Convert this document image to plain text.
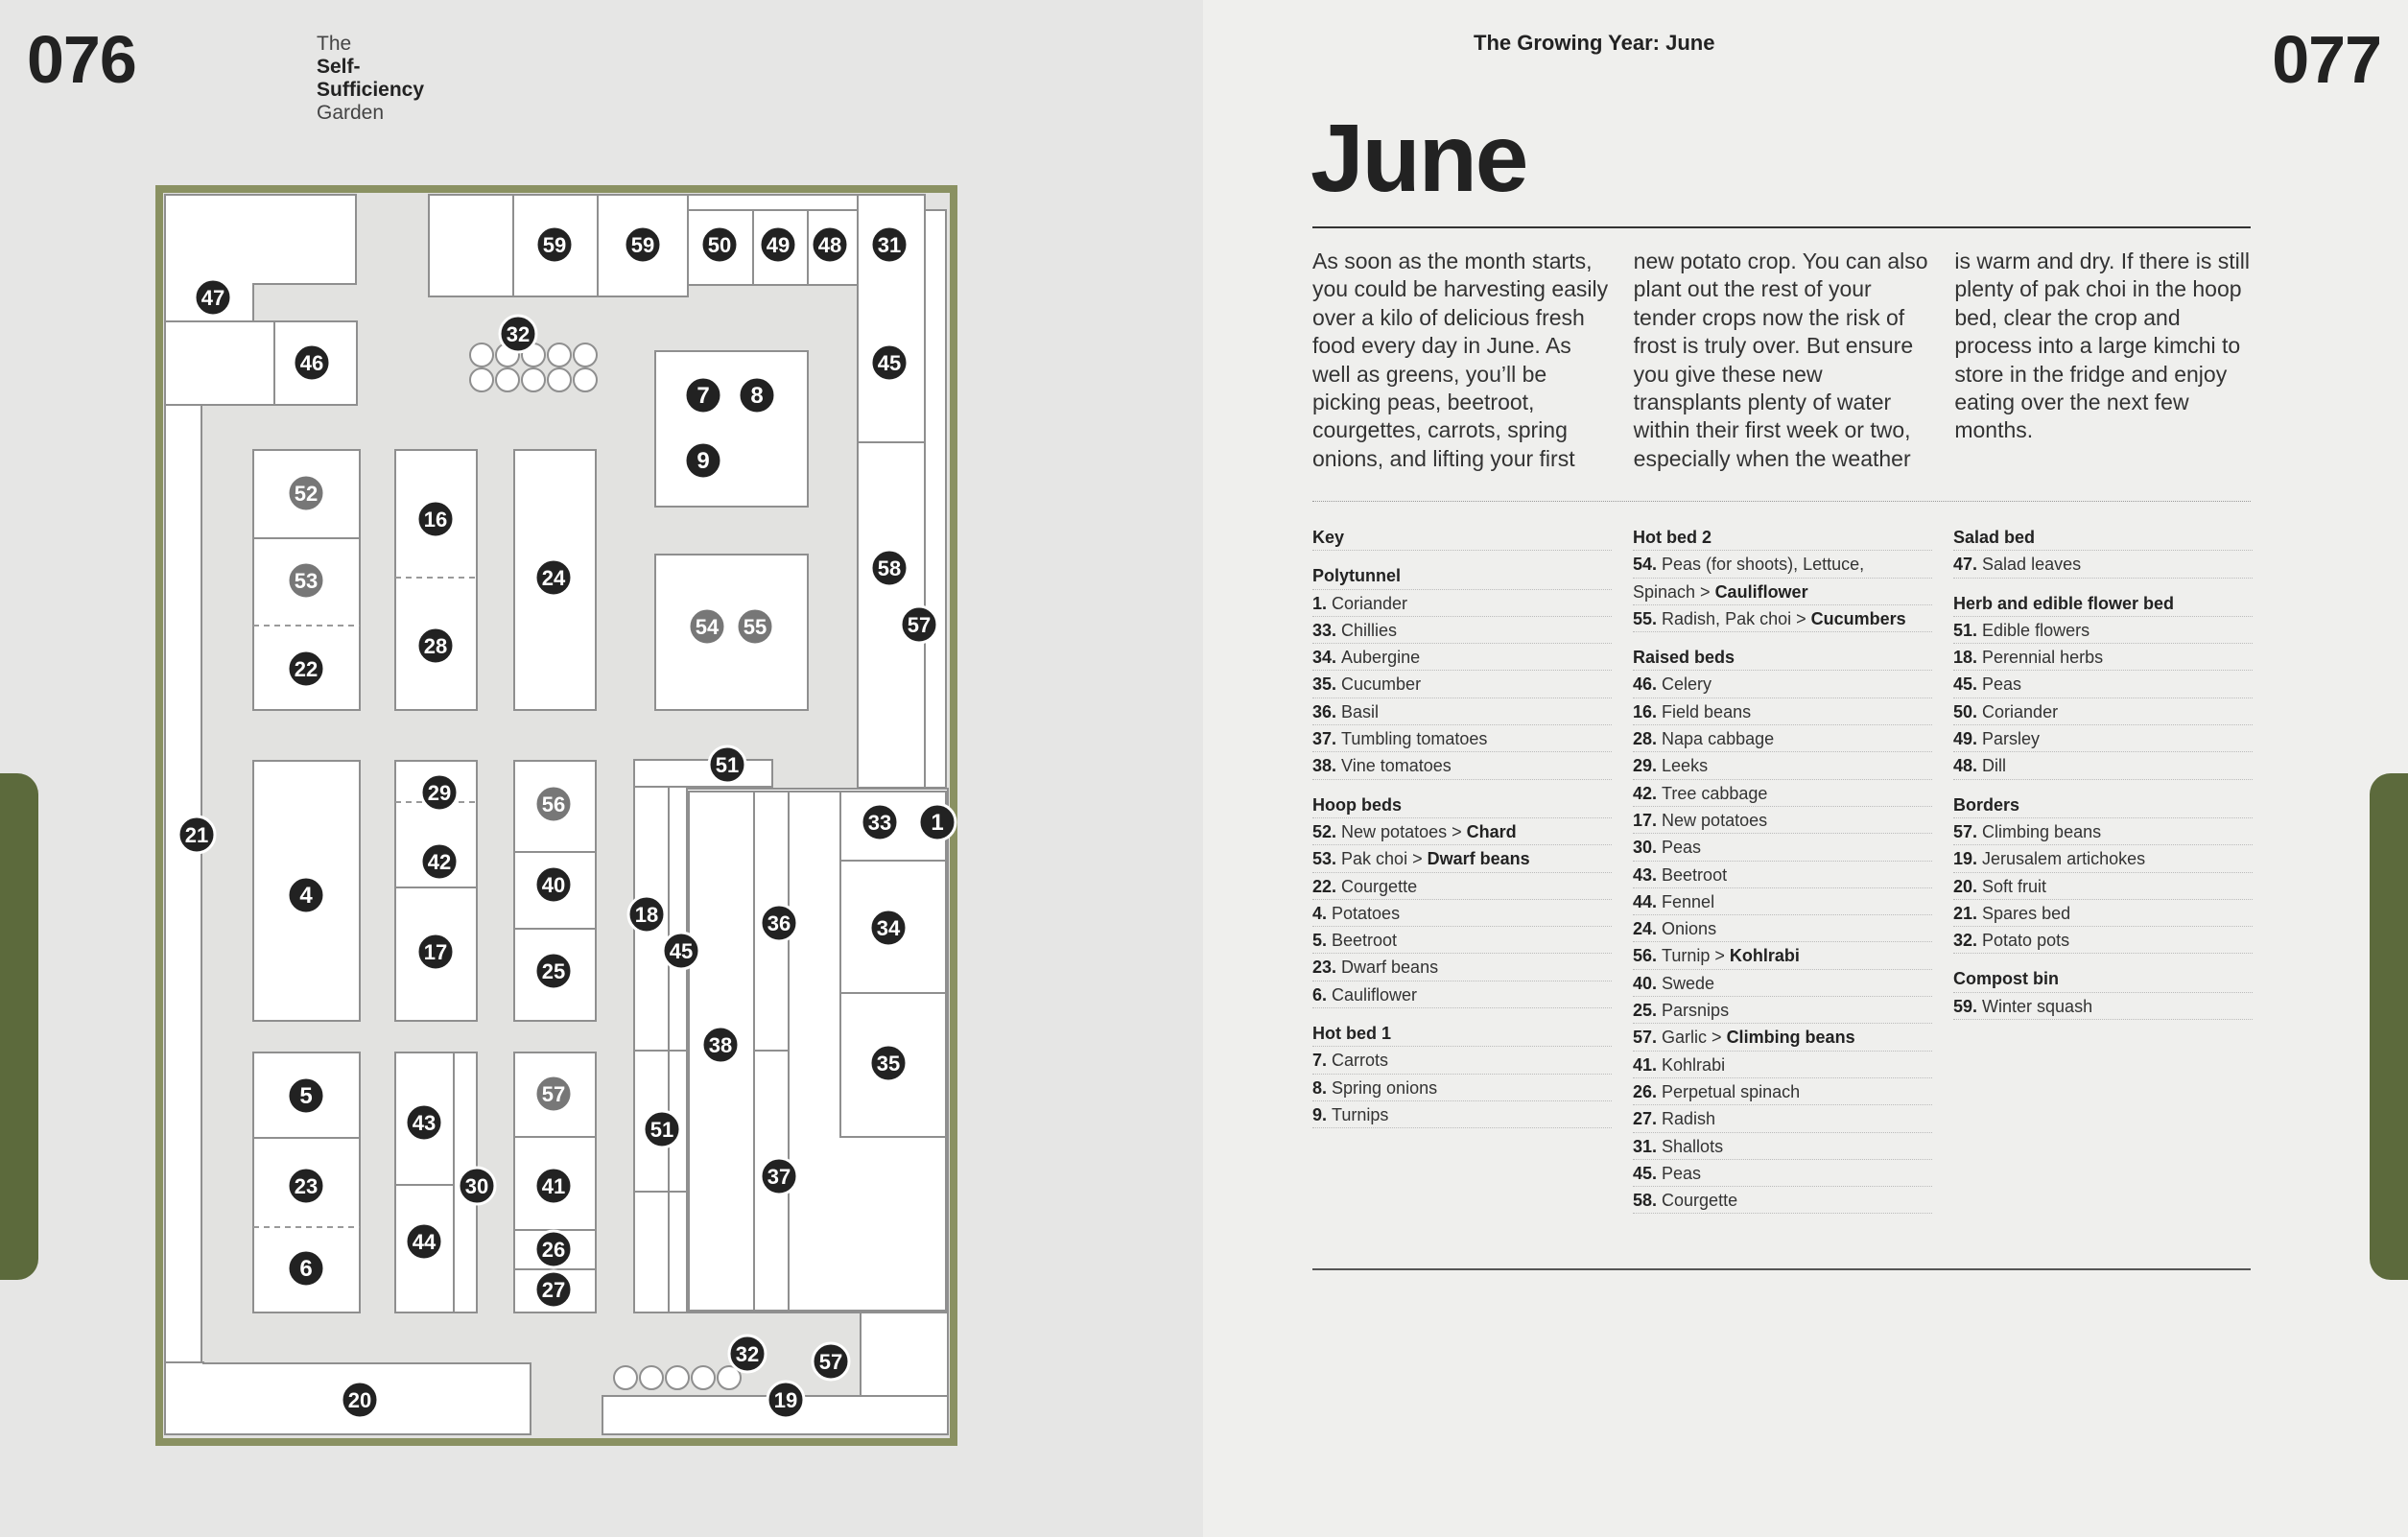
076	077
The
Self-
Sufficiency
Garden
The Growing Year: June
June

As soon as the month starts, you could be harvesting easily over a kilo of delicious fresh food every day in June. As well as greens, you’ll be picking peas, beetroot, courgettes, carrots, spring onions, and lifting your first

new potato crop. You can also plant out the rest of your tender crops now the risk of frost is truly over. But ensure you give these new transplants plenty of water within their first week or two, especially when the weather

is warm and dry. If there is still plenty of pak choi in the hoop bed, clear the crop and process into a large kimchi to store in the fridge and enjoy eating over the next few months.

Key
Polytunnel
1. Coriander
33. Chillies
34. Aubergine
35. Cucumber
36. Basil
37. Tumbling tomatoes
38. Vine tomatoes
Hoop beds
52. New potatoes > Chard
53. Pak choi > Dwarf beans
22. Courgette
4. Potatoes
5. Beetroot
23. Dwarf beans
6. Cauliflower
Hot bed 1
7. Carrots
8. Spring onions
9. Turnips
Hot bed 2
54. Peas (for shoots), Lettuce,
Spinach > Cauliflower
55. Radish, Pak choi > Cucumbers
Raised beds
46. Celery
16. Field beans
28. Napa cabbage
29. Leeks
42. Tree cabbage
17. New potatoes
30. Peas
43. Beetroot
44. Fennel
24. Onions
56. Turnip > Kohlrabi
40. Swede
25. Parsnips
57. Garlic > Climbing beans
41. Kohlrabi
26. Perpetual spinach
27. Radish
31. Shallots
45. Peas
58. Courgette
Salad bed
47. Salad leaves
Herb and edible flower bed
51. Edible flowers
18. Perennial herbs
45. Peas
50. Coriander
49. Parsley
48. Dill
Borders
57. Climbing beans
19. Jerusalem artichokes
20. Soft fruit
21. Spares bed
32. Potato pots
Compost bin
59. Winter squash
59	59	50 49 48 31
47
32
46	45
7 8
9
52
16
53	24	58
54 55	57
28
22
51
29	56
33 1
21
42
4	40
18	36	34
45
17
25
38
35
5	57
43	51
23	30	41	37
44	26
6
27
32	57
20	19
